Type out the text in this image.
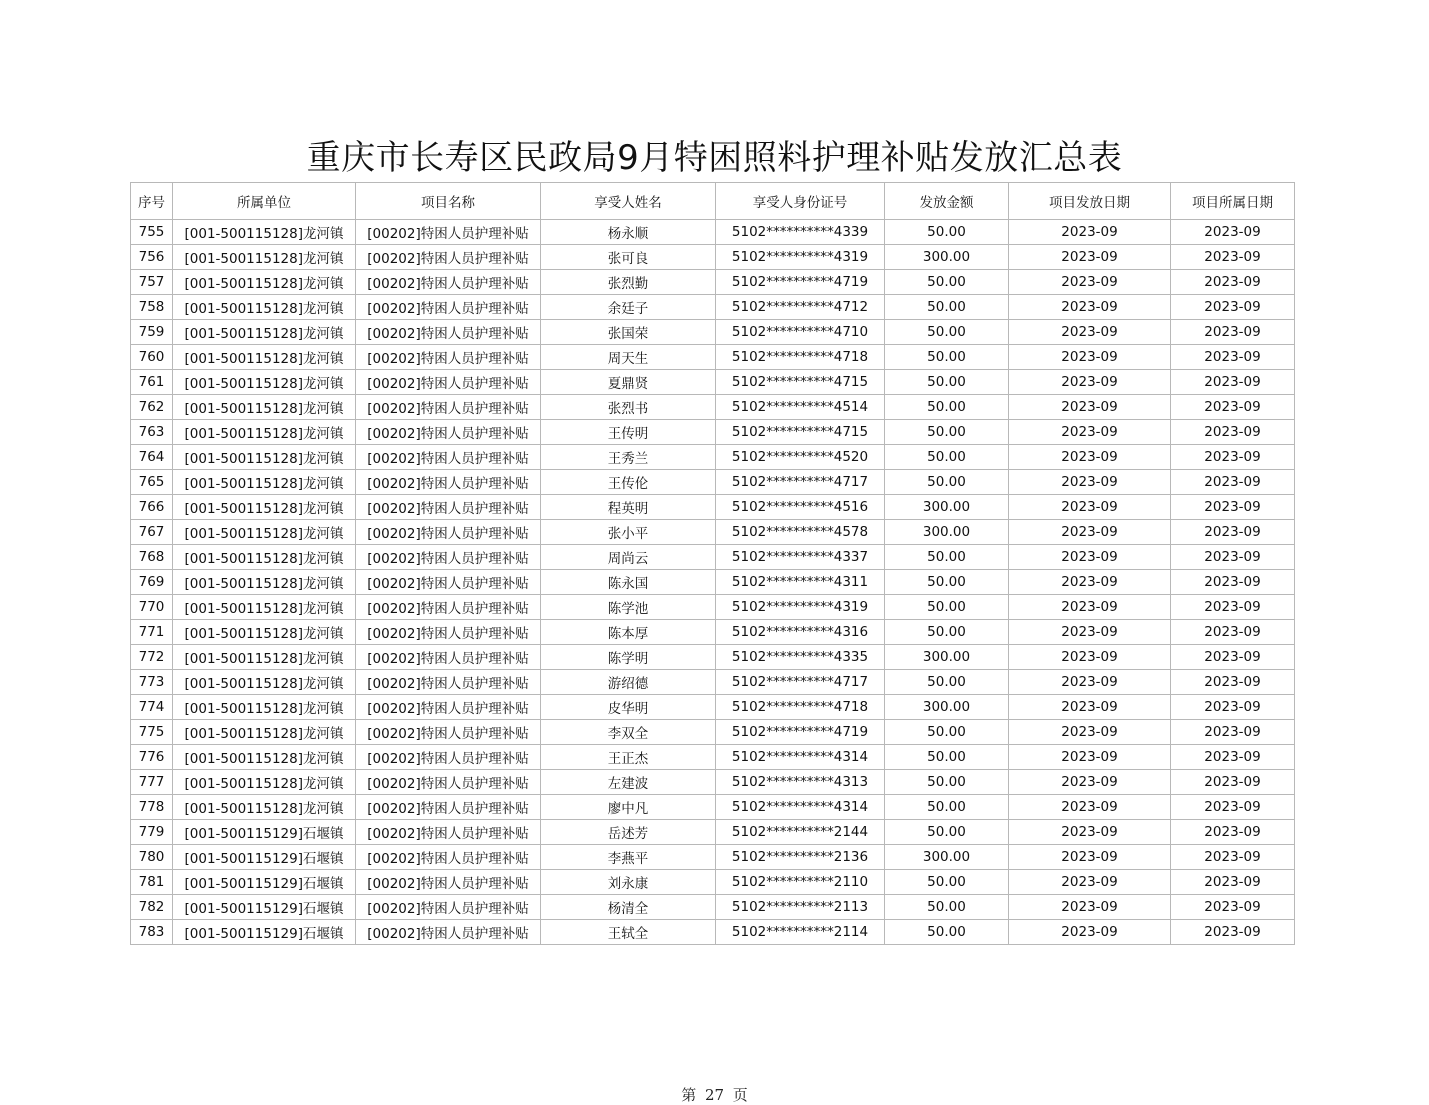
重庆市长寿区民政局9月特困照料护理补贴发放汇总表
序号	所属单位	项目名称	享受人姓名	享受人身份证号	发放金额	项目发放日期	项目所属日期
755	[001-500115128]龙河镇	[00202]特困人员护理补贴	杨永顺	5102**********4339	50.00	2023-09	2023-09
756	[001-500115128]龙河镇	[00202]特困人员护理补贴	张可良	5102**********4319	300.00	2023-09	2023-09
757	[001-500115128]龙河镇	[00202]特困人员护理补贴	张烈勤	5102**********4719	50.00	2023-09	2023-09
758	[001-500115128]龙河镇	[00202]特困人员护理补贴	余廷子	5102**********4712	50.00	2023-09	2023-09
759	[001-500115128]龙河镇	[00202]特困人员护理补贴	张国荣	5102**********4710	50.00	2023-09	2023-09
760	[001-500115128]龙河镇	[00202]特困人员护理补贴	周天生	5102**********4718	50.00	2023-09	2023-09
761	[001-500115128]龙河镇	[00202]特困人员护理补贴	夏鼎贤	5102**********4715	50.00	2023-09	2023-09
762	[001-500115128]龙河镇	[00202]特困人员护理补贴	张烈书	5102**********4514	50.00	2023-09	2023-09
763	[001-500115128]龙河镇	[00202]特困人员护理补贴	王传明	5102**********4715	50.00	2023-09	2023-09
764	[001-500115128]龙河镇	[00202]特困人员护理补贴	王秀兰	5102**********4520	50.00	2023-09	2023-09
765	[001-500115128]龙河镇	[00202]特困人员护理补贴	王传伦	5102**********4717	50.00	2023-09	2023-09
766	[001-500115128]龙河镇	[00202]特困人员护理补贴	程英明	5102**********4516	300.00	2023-09	2023-09
767	[001-500115128]龙河镇	[00202]特困人员护理补贴	张小平	5102**********4578	300.00	2023-09	2023-09
768	[001-500115128]龙河镇	[00202]特困人员护理补贴	周尚云	5102**********4337	50.00	2023-09	2023-09
769	[001-500115128]龙河镇	[00202]特困人员护理补贴	陈永国	5102**********4311	50.00	2023-09	2023-09
770	[001-500115128]龙河镇	[00202]特困人员护理补贴	陈学池	5102**********4319	50.00	2023-09	2023-09
771	[001-500115128]龙河镇	[00202]特困人员护理补贴	陈本厚	5102**********4316	50.00	2023-09	2023-09
772	[001-500115128]龙河镇	[00202]特困人员护理补贴	陈学明	5102**********4335	300.00	2023-09	2023-09
773	[001-500115128]龙河镇	[00202]特困人员护理补贴	游绍德	5102**********4717	50.00	2023-09	2023-09
774	[001-500115128]龙河镇	[00202]特困人员护理补贴	皮华明	5102**********4718	300.00	2023-09	2023-09
775	[001-500115128]龙河镇	[00202]特困人员护理补贴	李双全	5102**********4719	50.00	2023-09	2023-09
776	[001-500115128]龙河镇	[00202]特困人员护理补贴	王正杰	5102**********4314	50.00	2023-09	2023-09
777	[001-500115128]龙河镇	[00202]特困人员护理补贴	左建波	5102**********4313	50.00	2023-09	2023-09
778	[001-500115128]龙河镇	[00202]特困人员护理补贴	廖中凡	5102**********4314	50.00	2023-09	2023-09
779	[001-500115129]石堰镇	[00202]特困人员护理补贴	岳述芳	5102**********2144	50.00	2023-09	2023-09
780	[001-500115129]石堰镇	[00202]特困人员护理补贴	李燕平	5102**********2136	300.00	2023-09	2023-09
781	[001-500115129]石堰镇	[00202]特困人员护理补贴	刘永康	5102**********2110	50.00	2023-09	2023-09
782	[001-500115129]石堰镇	[00202]特困人员护理补贴	杨清全	5102**********2113	50.00	2023-09	2023-09
783	[001-500115129]石堰镇	[00202]特困人员护理补贴	王轼全	5102**********2114	50.00	2023-09	2023-09
第 27 页
